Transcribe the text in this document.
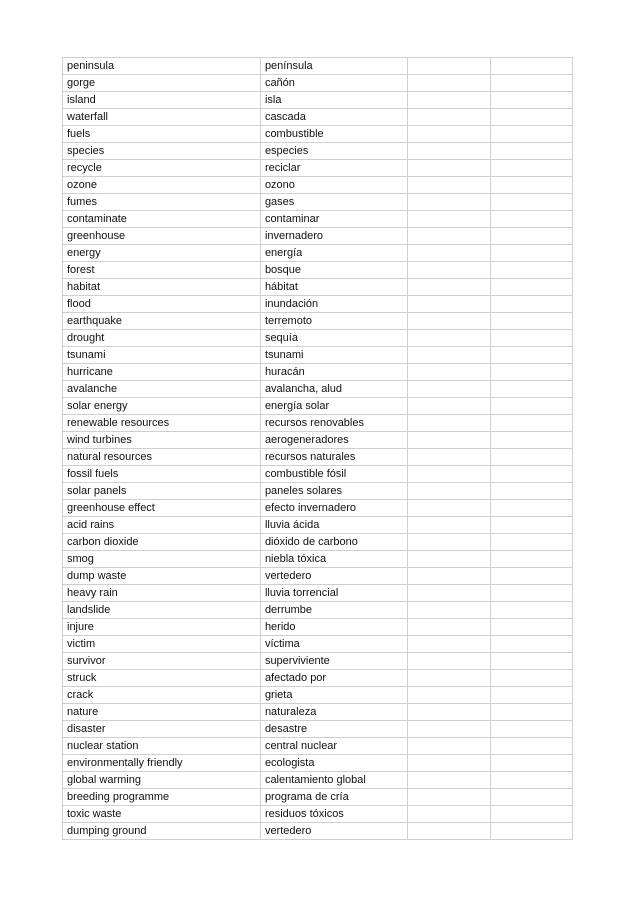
peninsula	península		
gorge	cañón		
island	isla		
waterfall	cascada		
fuels	combustible		
species	especies		
recycle	reciclar		
ozone	ozono		
fumes	gases		
contaminate	contaminar		
greenhouse	invernadero		
energy	energía		
forest	bosque		
habitat	hábitat		
flood	inundación		
earthquake	terremoto		
drought	sequía		
tsunami	tsunami		
hurricane	huracán		
avalanche	avalancha, alud		
solar energy	energía solar		
renewable resources	recursos renovables		
wind turbines	aerogeneradores		
natural resources	recursos naturales		
fossil fuels	combustible fósil		
solar panels	paneles solares		
greenhouse effect	efecto invernadero		
acid rains	lluvia ácida		
carbon dioxide	dióxido de carbono		
smog	niebla tóxica		
dump waste	vertedero		
heavy rain	lluvia torrencial		
landslide	derrumbe		
injure	herido		
victim	víctima		
survivor	superviviente		
struck	afectado por		
crack	grieta		
nature	naturaleza		
disaster	desastre		
nuclear station	central nuclear		
environmentally friendly	ecologista		
global warming	calentamiento global		
breeding programme	programa de cría		
toxic waste	residuos tóxicos		
dumping ground	vertedero		
